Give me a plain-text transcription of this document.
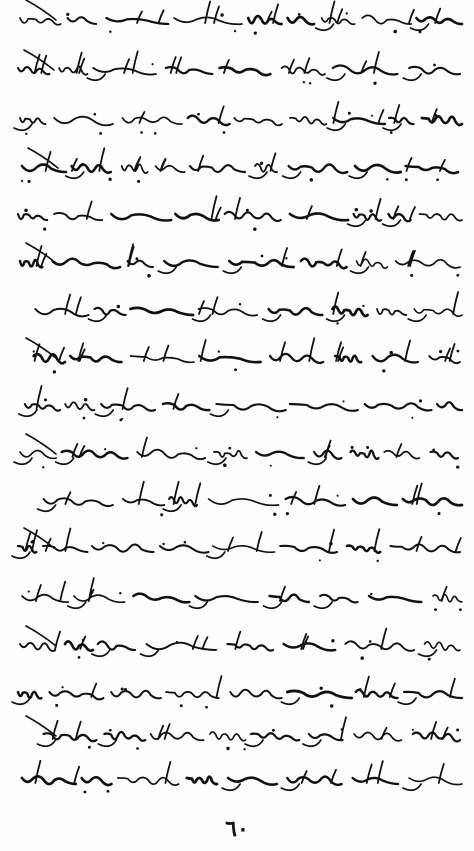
٦٠
